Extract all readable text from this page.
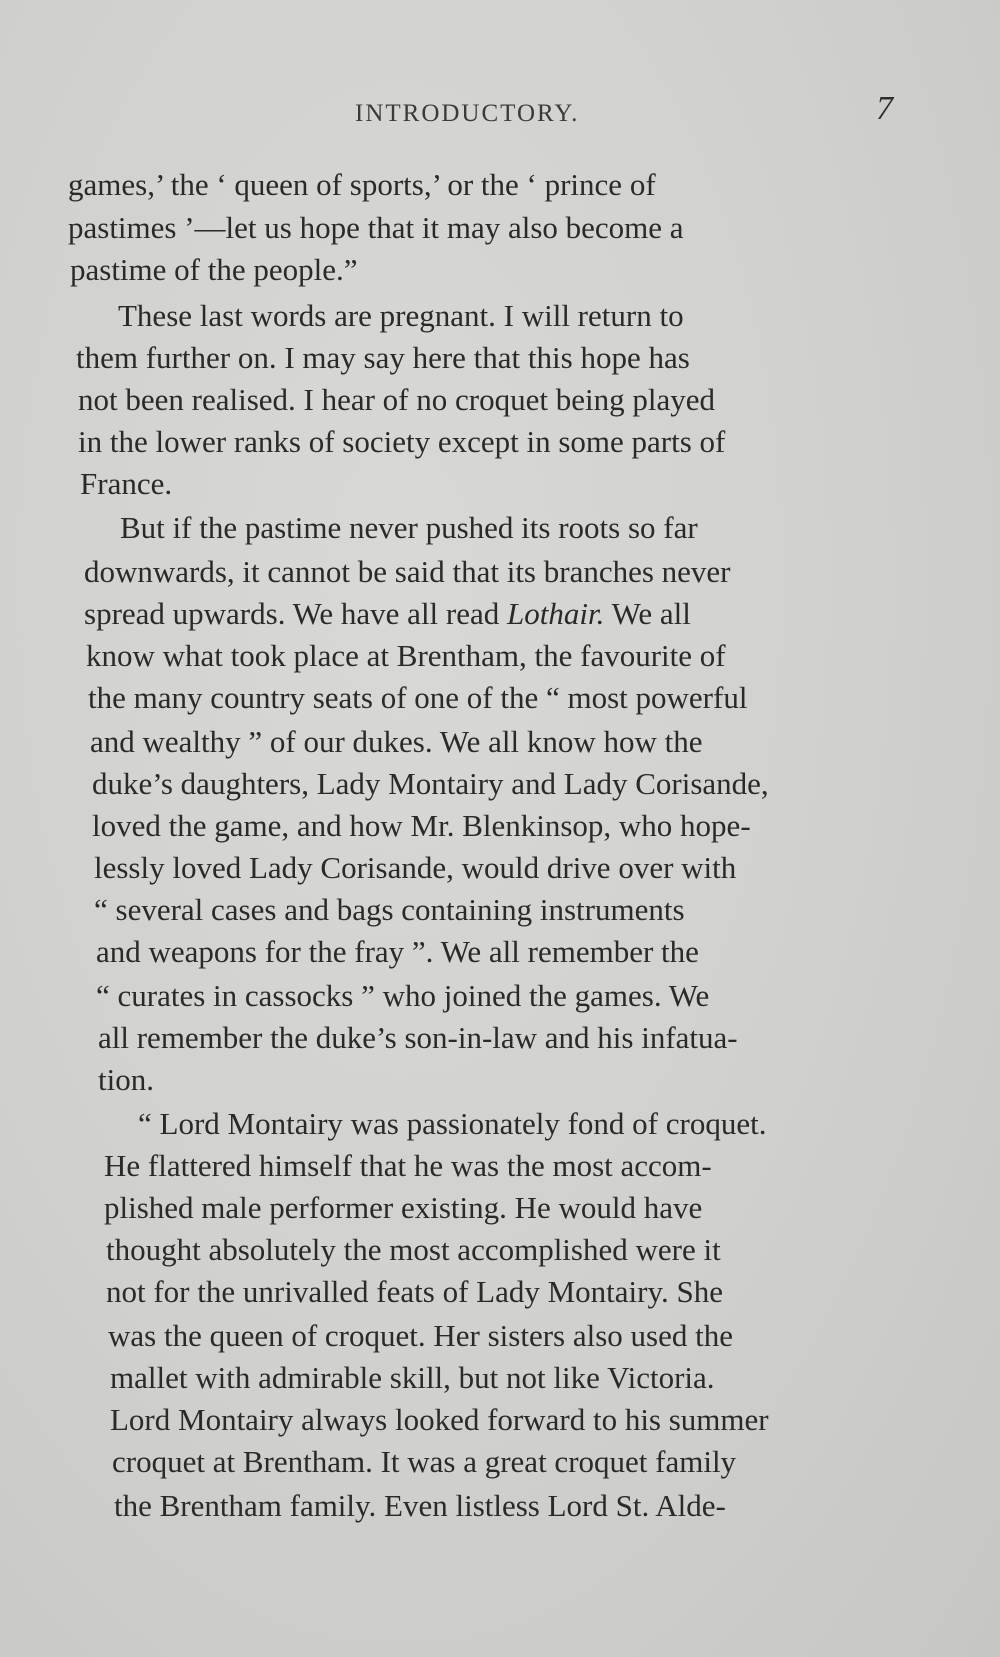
INTRODUCTORY.	7
games,’ the ‘ queen of sports,’ or the ‘ prince of
pastimes ’—let us hope that it may also become a
pastime of the people.”
These last words are pregnant. I will return to
them further on. I may say here that this hope has
not been realised. I hear of no croquet being played
in the lower ranks of society except in some parts of
France.
But if the pastime never pushed its roots so far
downwards, it cannot be said that its branches never
spread upwards. We have all read Lothair. We all
know what took place at Brentham, the favourite of
the many country seats of one of the “ most powerful
and wealthy ” of our dukes. We all know how the
duke’s daughters, Lady Montairy and Lady Corisande,
loved the game, and how Mr. Blenkinsop, who hope-
lessly loved Lady Corisande, would drive over with
“ several cases and bags containing instruments
and weapons for the fray ”. We all remember the
“ curates in cassocks ” who joined the games. We
all remember the duke’s son-in-law and his infatua-
tion.
“ Lord Montairy was passionately fond of croquet.
He flattered himself that he was the most accom-
plished male performer existing. He would have
thought absolutely the most accomplished were it
not for the unrivalled feats of Lady Montairy. She
was the queen of croquet. Her sisters also used the
mallet with admirable skill, but not like Victoria.
Lord Montairy always looked forward to his summer
croquet at Brentham. It was a great croquet family
the Brentham family. Even listless Lord St. Alde-
